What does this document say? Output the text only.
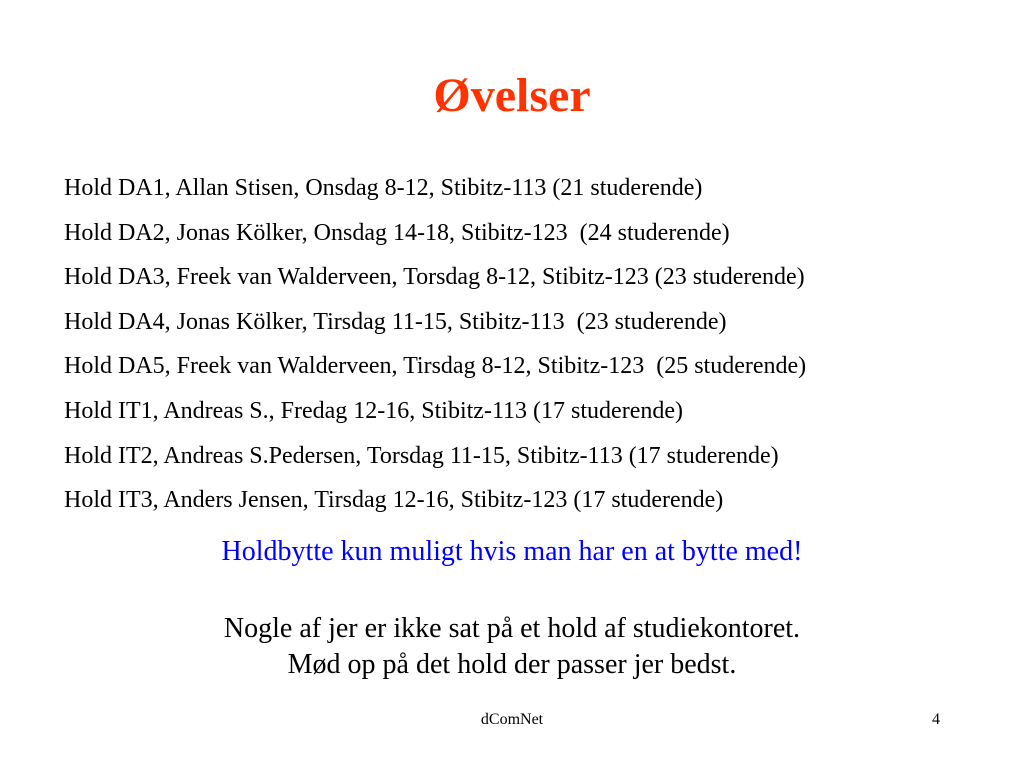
Øvelser
Hold DA1, Allan Stisen, Onsdag 8-12, Stibitz-113 (21 studerende)
Hold DA2, Jonas Kölker, Onsdag 14-18, Stibitz-123  (24 studerende)
Hold DA3, Freek van Walderveen, Torsdag 8-12, Stibitz-123 (23 studerende)
Hold DA4, Jonas Kölker, Tirsdag 11-15, Stibitz-113  (23 studerende)
Hold DA5, Freek van Walderveen, Tirsdag 8-12, Stibitz-123  (25 studerende)
Hold IT1, Andreas S., Fredag 12-16, Stibitz-113 (17 studerende)
Hold IT2, Andreas S.Pedersen, Torsdag 11-15, Stibitz-113 (17 studerende)
Hold IT3, Anders Jensen, Tirsdag 12-16, Stibitz-123 (17 studerende)
Holdbytte kun muligt hvis man har en at bytte med!
Nogle af jer er ikke sat på et hold af studiekontoret.
Mød op på det hold der passer jer bedst.
dComNet	4
